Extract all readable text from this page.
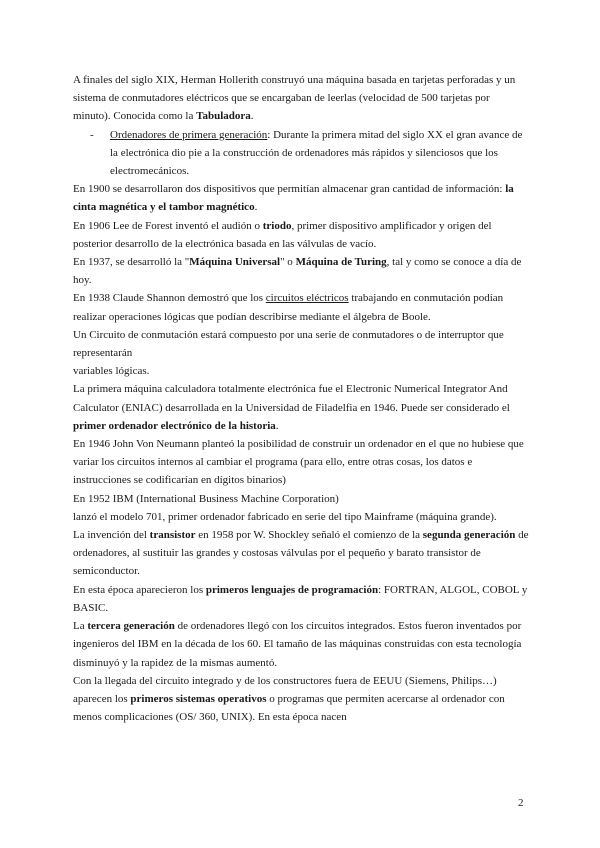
A finales del siglo XIX, Herman Hollerith construyó una máquina basada en tarjetas perforadas y un sistema de conmutadores eléctricos que se encargaban de leerlas (velocidad de 500 tarjetas por minuto). Conocida como la Tabuladora.

- Ordenadores de primera generación: Durante la primera mitad del siglo XX el gran avance de la electrónica dio pie a la construcción de ordenadores más rápidos y silenciosos que los electromecánicos.

En 1900 se desarrollaron dos dispositivos que permitían almacenar gran cantidad de información: la cinta magnética y el tambor magnético.

En 1906 Lee de Forest inventó el audión o triodo, primer dispositivo amplificador y origen del posterior desarrollo de la electrónica basada en las válvulas de vacío.

En 1937, se desarrolló la "Máquina Universal" o Máquina de Turing, tal y como se conoce a día de hoy.

En 1938 Claude Shannon demostró que los circuitos eléctricos trabajando en conmutación podían realizar operaciones lógicas que podían describirse mediante el álgebra de Boole.

Un Circuito de conmutación estará compuesto por una serie de conmutadores o de interruptor que representarán

variables lógicas.

La primera máquina calculadora totalmente electrónica fue el Electronic Numerical Integrator And Calculator (ENIAC) desarrollada en la Universidad de Filadelfia en 1946. Puede ser considerado el primer ordenador electrónico de la historia.

En 1946 John Von Neumann planteó la posibilidad de construir un ordenador en el que no hubiese que variar los circuitos internos al cambiar el programa (para ello, entre otras cosas, los datos e instrucciones se codificarían en dígitos binarios)

En 1952 IBM (International Business Machine Corporation)

lanzó el modelo 701, primer ordenador fabricado en serie del tipo Mainframe (máquina grande).

La invención del transistor en 1958 por W. Shockley señaló el comienzo de la segunda generación de ordenadores, al sustituir las grandes y costosas válvulas por el pequeño y barato transistor de semiconductor.

En esta época aparecieron los primeros lenguajes de programación: FORTRAN, ALGOL, COBOL y BASIC.

La tercera generación de ordenadores llegó con los circuitos integrados. Estos fueron inventados por ingenieros del IBM en la década de los 60. El tamaño de las máquinas construidas con esta tecnología disminuyó y la rapidez de la mismas aumentó.

Con la llegada del circuito integrado y de los constructores fuera de EEUU (Siemens, Philips…) aparecen los primeros sistemas operativos o programas que permiten acercarse al ordenador con menos complicaciones (OS/ 360, UNIX). En esta época nacen

2
